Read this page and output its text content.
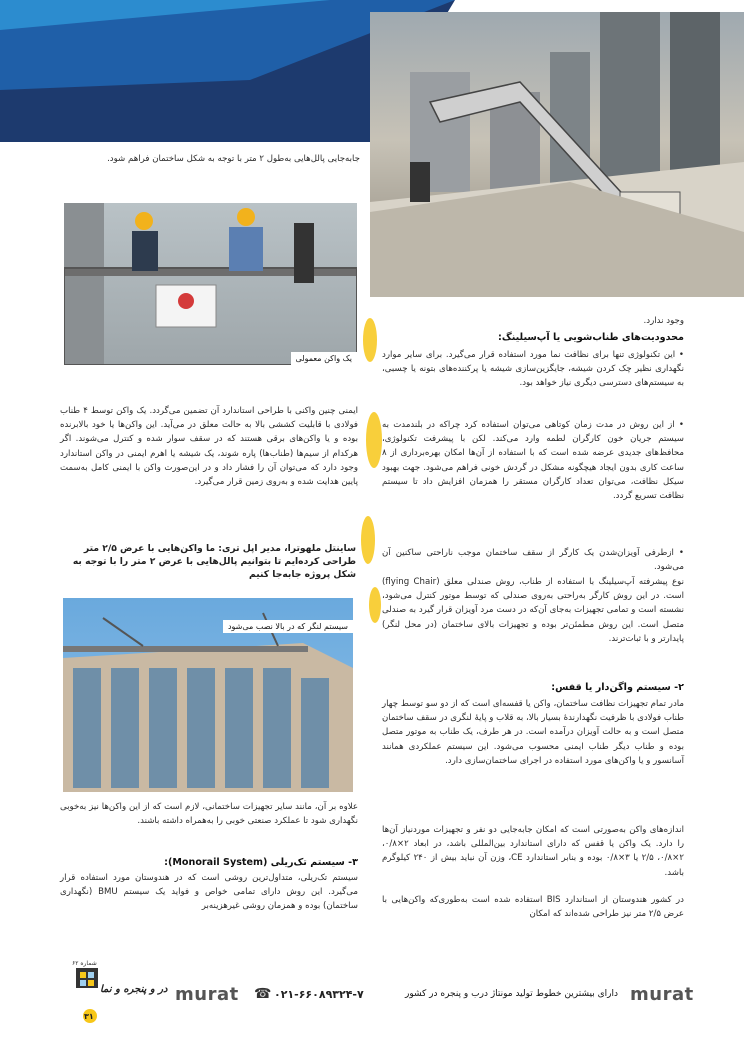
جابه‌جایی پالل‌هایی به‌طول ۲ متر با توجه به شکل ساختمان فراهم شود.
یک واکن معمولی
ایمنی چنین واکنی با طراحی استاندارد آن تضمین می‌گردد. یک واکن توسط ۴ طناب فولادی با قابلیت کششی بالا به حالت معلق در می‌آید. این واکن‌ها یا خود بالابرنده بوده و یا واکن‌های برقی هستند که در سقف سوار شده و کنترل می‌شوند. اگر هرکدام از سیم‌ها (طناب‌ها) پاره شوند، یک شیشه یا اهرم ایمنی در واکن استاندارد وجود دارد که می‌توان آن را فشار داد و در این‌صورت واکن با ایمنی کامل به‌سمت پایین هدایت شده و به‌روی زمین قرار می‌گیرد.
ساینتل ملهوترا، مدیر اپل تری: ما واکن‌هایی با عرض ۲/۵ متر طراحی کرده‌ایم تا بتوانیم پالل‌هایی با عرض ۲ متر را با توجه به شکل پروژه جابه‌جا کنیم
سیستم لنگر که در بالا نصب می‌شود
علاوه بر آن، مانند سایر تجهیزات ساختمانی، لازم است که از این واکن‌ها نیز به‌خوبی نگهداری شود تا عملکرد صنعتی خوبی را به‌همراه داشته باشند.
۳- سیستم تک‌ریلی (Monorail System):
سیستم تک‌ریلی، متداول‌ترین روشی است که در هندوستان مورد استفاده قرار می‌گیرد. این روش دارای تمامی خواص و فواید یک سیستم BMU (نگهداری ساختمان) بوده و همزمان روشی غیرهزینه‌بر
وجود ندارد.
محدودیت‌های طناب‌شویی یا آپ‌سیلینگ:
• این تکنولوژی تنها برای نظافت نما مورد استفاده قرار می‌گیرد. برای سایر موارد نگهداری نظیر چک کردن شیشه، جایگزین‌سازی شیشه یا پرکننده‌های بتونه یا چسبی، به سیستم‌های دسترسی دیگری نیاز خواهد بود.
• از این روش در مدت زمان کوتاهی می‌توان استفاده کرد چراکه در بلندمدت به سیستم جریان خون کارگران لطمه وارد می‌کند. لکن با پیشرفت تکنولوژی، محافظ‌های جدیدی عرضه شده است که با استفاده از آن‌ها امکان بهره‌برداری از ۸ ساعت کاری بدون ایجاد هیچگونه مشکل در گردش خونی فراهم می‌شود. جهت بهبود سیکل نظافت، می‌توان تعداد کارگران مستقر را همزمان افزایش داد تا سیستم نظافت تسریع گردد.
• ازطرفی آویزان‌شدن یک کارگر از سقف ساختمان موجب ناراحتی ساکنین آن می‌شود.
نوع پیشرفته آپ‌سیلینگ با استفاده از طناب، روش صندلی معلق (flying Chair) است. در این روش کارگر به‌راحتی به‌روی صندلی که توسط موتور کنترل می‌شود، نشسته است و تمامی تجهیزات به‌جای آن‌که در دست مرد آویزان قرار گیرد به صندلی متصل است. این روش مطمئن‌تر بوده و تجهیزات بالای ساختمان (در محل لنگر) پایدارتر و با ثبات‌ترند.
۲- سیستم واگن‌دار یا قفس:
مادر تمام تجهیزات نظافت ساختمان، واکن یا قفسه‌ای است که از دو سو توسط چهار طناب فولادی با ظرفیت نگهدارندهٔ بسیار بالا، به قلاب و پایهٔ لنگری در سقف ساختمان متصل است و به حالت آویزان درآمده است. در هر طرف، یک طناب به موتور متصل بوده و طناب دیگر طناب ایمنی محسوب می‌شود. این سیستم عملکردی همانند آسانسور و یا واکن‌های مورد استفاده در اجرای ساختمان‌سازی دارد.
اندازه‌های واکن به‌صورتی است که امکان جابه‌جایی دو نفر و تجهیزات موردنیاز آن‌ها را دارد. یک واکن یا قفس که دارای استاندارد بین‌المللی باشد، در ابعاد ۲×۰/۸، ۲×۰/۸، ۲/۵ یا ۳×۰/۸ بوده و بنابر استاندارد CE، وزن آن نباید بیش از ۲۴۰ کیلوگرم باشد.
در کشور هندوستان از استاندارد BIS استفاده شده است به‌طوری‌که واکن‌هایی با عرض ۲/۵ متر نیز طراحی شده‌اند که امکان
شماره ۶۲
در و پنجره و نما
۳۱
murat ☎ ۰۲۱-۶۶۰۸۹۳۲۴-۷	دارای بیشترین خطوط تولید مونتاژ درب و پنجره در کشور murat
